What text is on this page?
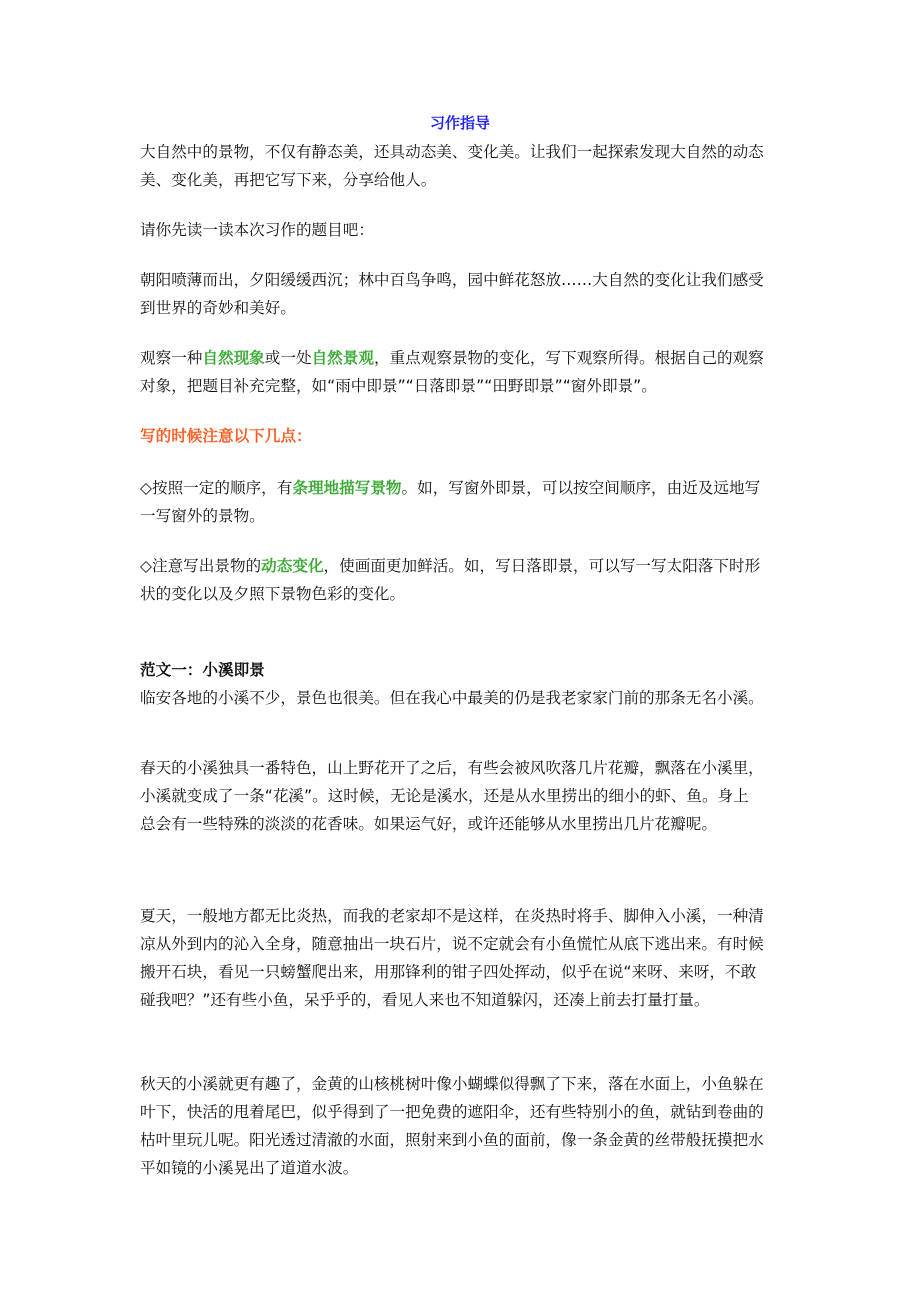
习作指导
大自然中的景物，不仅有静态美，还具动态美、变化美。让我们一起探索发现大自然的动态
美、变化美，再把它写下来，分享给他人。
请你先读一读本次习作的题目吧：
朝阳喷薄而出，夕阳缓缓西沉；林中百鸟争鸣，园中鲜花怒放……大自然的变化让我们感受
到世界的奇妙和美好。
观察一种自然现象或一处自然景观，重点观察景物的变化，写下观察所得。根据自己的观察
对象，把题目补充完整，如“雨中即景”“日落即景”“田野即景”“窗外即景”。
写的时候注意以下几点：
◇按照一定的顺序，有条理地描写景物。如，写窗外即景，可以按空间顺序，由近及远地写
一写窗外的景物。
◇注意写出景物的动态变化，使画面更加鲜活。如，写日落即景，可以写一写太阳落下时形
状的变化以及夕照下景物色彩的变化。
范文一：小溪即景
临安各地的小溪不少，景色也很美。但在我心中最美的仍是我老家家门前的那条无名小溪。
春天的小溪独具一番特色，山上野花开了之后，有些会被风吹落几片花瓣，飘落在小溪里，
小溪就变成了一条“花溪”。这时候，无论是溪水，还是从水里捞出的细小的虾、鱼。身上
总会有一些特殊的淡淡的花香味。如果运气好，或许还能够从水里捞出几片花瓣呢。
夏天，一般地方都无比炎热，而我的老家却不是这样，在炎热时将手、脚伸入小溪，一种清
凉从外到内的沁入全身，随意抽出一块石片，说不定就会有小鱼慌忙从底下逃出来。有时候
搬开石块，看见一只螃蟹爬出来，用那锋利的钳子四处挥动，似乎在说“来呀、来呀，不敢
碰我吧？”还有些小鱼，呆乎乎的，看见人来也不知道躲闪，还凑上前去打量打量。
秋天的小溪就更有趣了，金黄的山核桃树叶像小蝴蝶似得飘了下来，落在水面上，小鱼躲在
叶下，快活的甩着尾巴，似乎得到了一把免费的遮阳伞，还有些特别小的鱼，就钻到卷曲的
枯叶里玩儿呢。阳光透过清澈的水面，照射来到小鱼的面前，像一条金黄的丝带般抚摸把水
平如镜的小溪晃出了道道水波。
